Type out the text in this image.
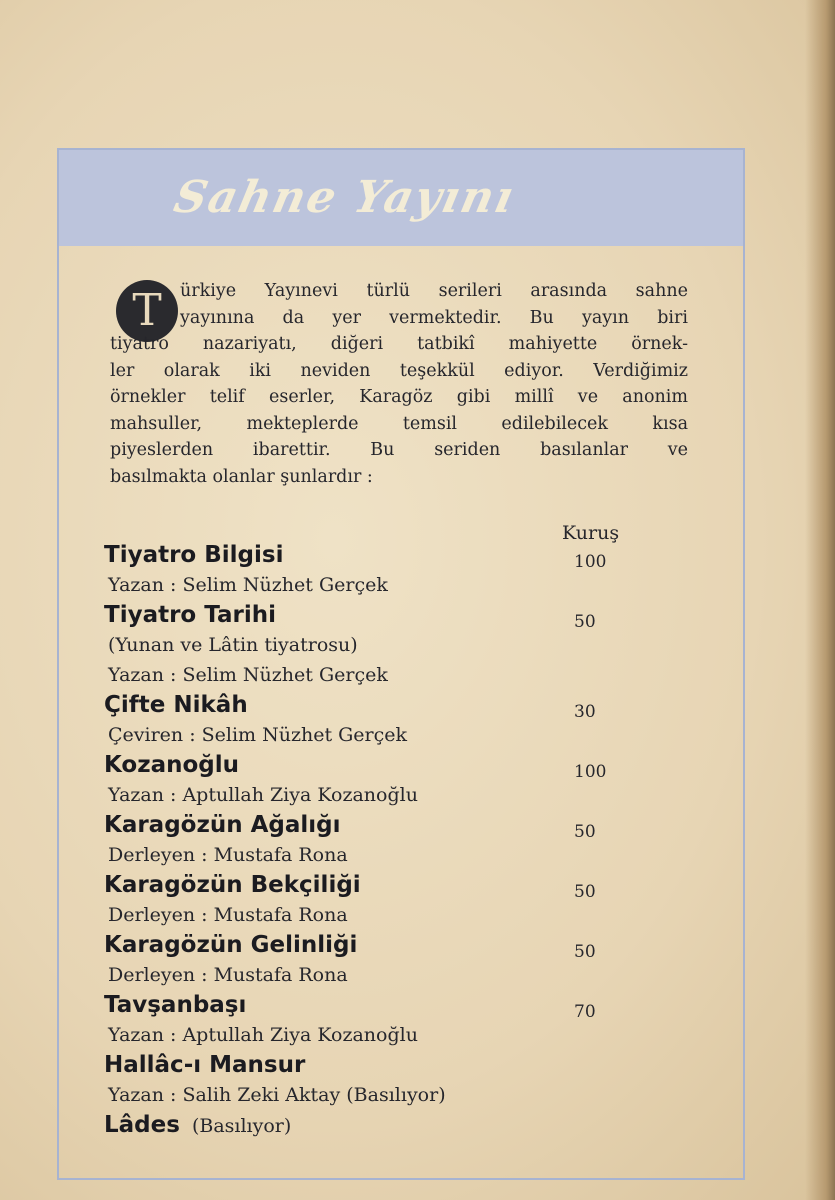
Sahne Yayını
T	ürkiye Yayınevi türlü serileri arasında sahne
yayınına da yer vermektedir. Bu yayın biri
tiyatro nazariyatı, diğeri tatbikî mahiyette örnek-
ler olarak iki neviden teşekkül ediyor. Verdiğimiz
örnekler telif eserler, Karagöz gibi millî ve anonim
mahsuller, mekteplerde temsil edilebilecek kısa
piyeslerden ibarettir. Bu seriden basılanlar ve
basılmakta olanlar şunlardır :
Kuruş
Tiyatro Bilgisi
Yazan : Selim Nüzhet Gerçek
100
Tiyatro Tarihi
(Yunan ve Lâtin tiyatrosu)
Yazan : Selim Nüzhet Gerçek
50
Çifte Nikâh
Çeviren : Selim Nüzhet Gerçek
30
Kozanoğlu
Yazan : Aptullah Ziya Kozanoğlu
100
Karagözün Ağalığı
Derleyen : Mustafa Rona
50
Karagözün Bekçiliği
Derleyen : Mustafa Rona
50
Karagözün Gelinliği
Derleyen : Mustafa Rona
50
Tavşanbaşı
Yazan : Aptullah Ziya Kozanoğlu
70
Hallâc-ı Mansur
Yazan : Salih Zeki Aktay (Basılıyor)
Lâdes (Basılıyor)
